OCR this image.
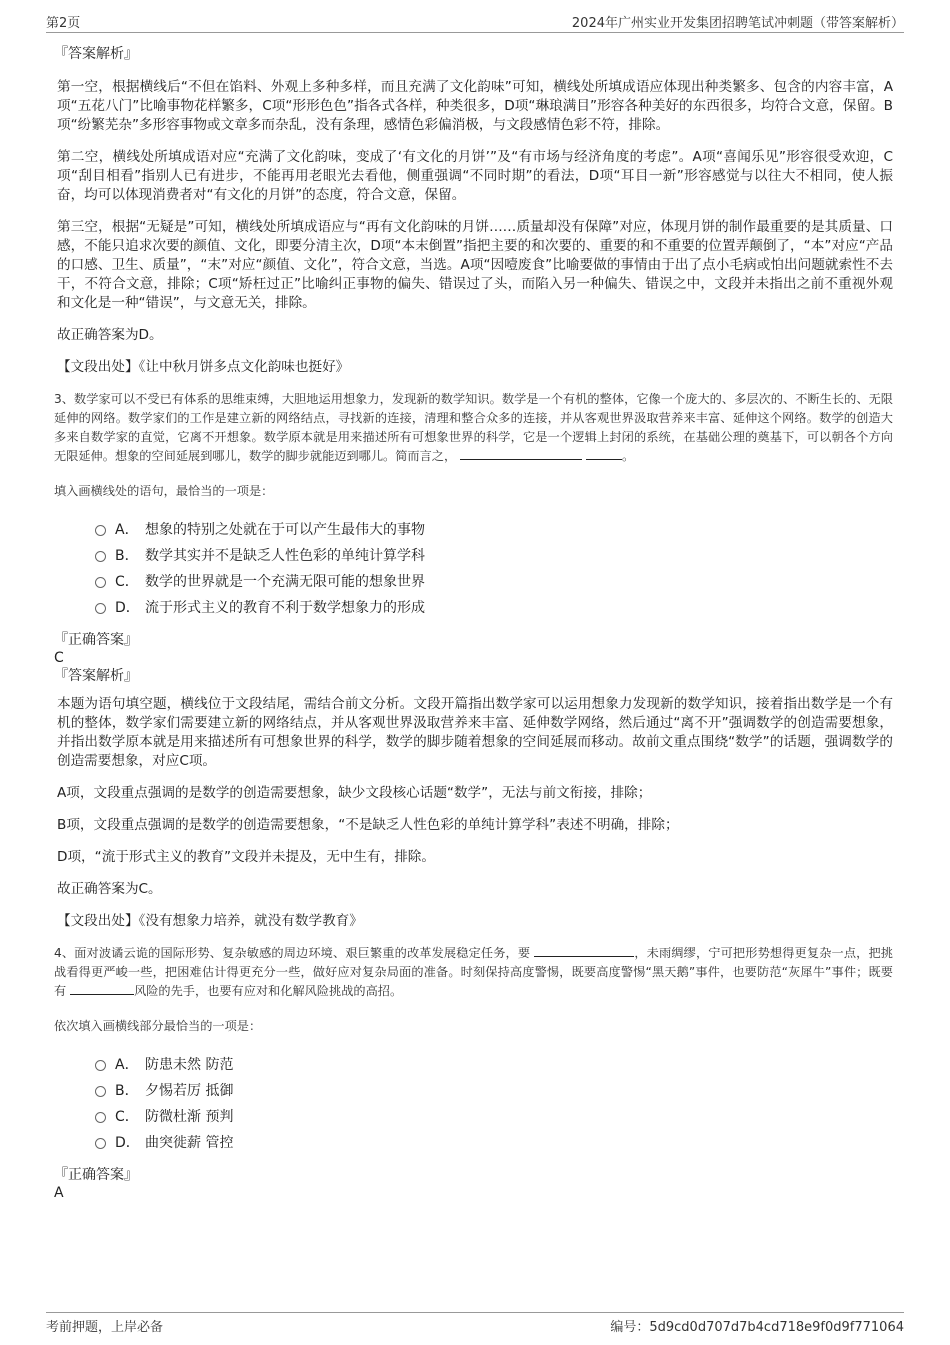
第2页	2024年广州实业开发集团招聘笔试冲刺题（带答案解析）

『答案解析』

第一空，根据横线后“不但在馅料、外观上多种多样，而且充满了文化韵味”可知，横线处所填成语应体现出种类繁多、包含的内容丰富，A项“五花八门”比喻事物花样繁多，C项“形形色色”指各式各样，种类很多，D项“琳琅满目”形容各种美好的东西很多，均符合文意，保留。B项“纷繁芜杂”多形容事物或文章多而杂乱，没有条理，感情色彩偏消极，与文段感情色彩不符，排除。

第二空，横线处所填成语对应“充满了文化韵味，变成了‘有文化的月饼’”及“有市场与经济角度的考虑”。A项“喜闻乐见”形容很受欢迎，C项“刮目相看”指别人已有进步，不能再用老眼光去看他，侧重强调“不同时期”的看法，D项“耳目一新”形容感觉与以往大不相同，使人振奋，均可以体现消费者对“有文化的月饼”的态度，符合文意，保留。

第三空，根据“无疑是”可知，横线处所填成语应与“再有文化韵味的月饼……质量却没有保障”对应，体现月饼的制作最重要的是其质量、口感，不能只追求次要的颜值、文化，即要分清主次，D项“本末倒置”指把主要的和次要的、重要的和不重要的位置弄颠倒了，“本”对应“产品的口感、卫生、质量”，“末”对应“颜值、文化”，符合文意，当选。A项“因噎废食”比喻要做的事情由于出了点小毛病或怕出问题就索性不去干，不符合文意，排除；C项“矫枉过正”比喻纠正事物的偏失、错误过了头，而陷入另一种偏失、错误之中，文段并未指出之前不重视外观和文化是一种“错误”，与文意无关，排除。

故正确答案为D。

【文段出处】《让中秋月饼多点文化韵味也挺好》

3、数学家可以不受已有体系的思维束缚，大胆地运用想象力，发现新的数学知识。数学是一个有机的整体，它像一个庞大的、多层次的、不断生长的、无限延伸的网络。数学家们的工作是建立新的网络结点，寻找新的连接，清理和整合众多的连接，并从客观世界汲取营养来丰富、延伸这个网络。数学的创造大多来自数学家的直觉，它离不开想象。数学原本就是用来描述所有可想象世界的科学，它是一个逻辑上封闭的系统，在基础公理的奠基下，可以朝各个方向无限延伸。想象的空间延展到哪儿，数学的脚步就能迈到哪儿。简而言之，	。

填入画横线处的语句，最恰当的一项是：

A． 想象的特别之处就在于可以产生最伟大的事物
B． 数学其实并不是缺乏人性色彩的单纯计算学科
C． 数学的世界就是一个充满无限可能的想象世界
D． 流于形式主义的教育不利于数学想象力的形成

『正确答案』

C

『答案解析』

本题为语句填空题，横线位于文段结尾，需结合前文分析。文段开篇指出数学家可以运用想象力发现新的数学知识，接着指出数学是一个有机的整体，数学家们需要建立新的网络结点，并从客观世界汲取营养来丰富、延伸数学网络，然后通过“离不开”强调数学的创造需要想象，并指出数学原本就是用来描述所有可想象世界的科学，数学的脚步随着想象的空间延展而移动。故前文重点围绕“数学”的话题，强调数学的创造需要想象，对应C项。

A项，文段重点强调的是数学的创造需要想象，缺少文段核心话题“数学”，无法与前文衔接，排除；

B项，文段重点强调的是数学的创造需要想象，“不是缺乏人性色彩的单纯计算学科”表述不明确，排除；

D项，“流于形式主义的教育”文段并未提及，无中生有，排除。

故正确答案为C。

【文段出处】《没有想象力培养，就没有数学教育》

4、面对波谲云诡的国际形势、复杂敏感的周边环境、艰巨繁重的改革发展稳定任务，要	，未雨绸缪，宁可把形势想得更复杂一点，把挑战看得更严峻一些，把困难估计得更充分一些，做好应对复杂局面的准备。时刻保持高度警惕，既要高度警惕“黑天鹅”事件，也要防范“灰犀牛”事件；既要有	风险的先手，也要有应对和化解风险挑战的高招。

依次填入画横线部分最恰当的一项是：

A． 防患未然 防范
B． 夕惕若厉 抵御
C． 防微杜渐 预判
D． 曲突徙薪 管控

『正确答案』

A

考前押题，上岸必备	编号：5d9cd0d707d7b4cd718e9f0d9f771064
